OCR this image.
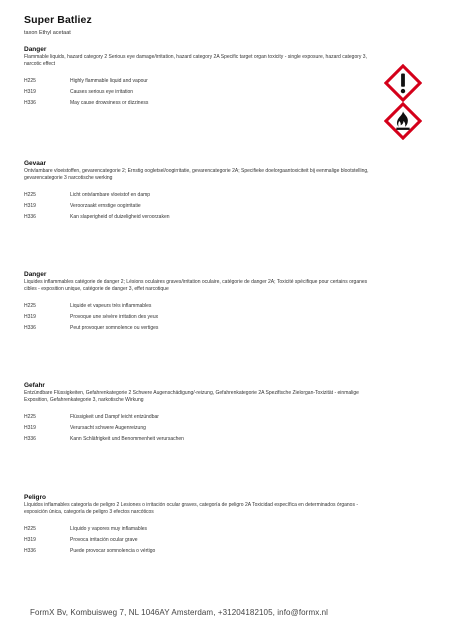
Super Batliez
taxon Ethyl acetaat
Danger
Flammable liquids, hazard category 2 Serious eye damage/irritation, hazard category 2A Specific target organ toxicity - single exposure, hazard category 3, narcotic effect
H225	Highly flammable liquid and vapour
H319	Causes serious eye irritation
H336	May cause drowsiness or dizziness
Gevaar
Ontvlambare vloeistoffen, gevarencategorie 2; Ernstig oogletsel/oogirritatie, gevarencategorie 2A; Specifieke doelorgaantoxiciteit bij eenmalige blootstelling, gevarencategorie 3 narcotische werking
H225	Licht ontvlambare vloeistof en damp
H319	Veroorzaakt ernstige oogirritatie
H336	Kan slaperigheid of duizeligheid veroorzaken
Danger
Liquides inflammables catégorie de danger 2; Lésions oculaires graves/irritation oculaire, catégorie de danger 2A; Toxicité spécifique pour certains organes cibles - exposition unique, catégorie de danger 3, effet narcotique
H225	Liquide et vapeurs très inflammables
H319	Provoque une sévère irritation des yeux
H336	Peut provoquer somnolence ou vertiges
Gefahr
Entzündbare Flüssigkeiten, Gefahrenkategorie 2 Schwere Augenschädigung/-reizung, Gefahrenkategorie 2A Spezifische Zielorgan-Toxizität - einmalige Exposition, Gefahrenkategorie 3, narkotische Wirkung
H225	Flüssigkeit und Dampf leicht entzündbar
H319	Verursacht schwere Augenreizung
H336	Kann Schläfrigkeit und Benommenheit verursachen
Peligro
Líquidos inflamables categoría de peligro 2 Lesiones o irritación ocular graves, categoría de peligro 2A Toxicidad específica en determinados órganos - exposición única, categoría de peligro 3 efectos narcóticos
H225	Líquido y vapores muy inflamables
H319	Provoca irritación ocular grave
H336	Puede provocar somnolencia o vértigo
FormX Bv, Kombuisweg 7, NL 1046AY Amsterdam, +31204182105, info@formx.nl
